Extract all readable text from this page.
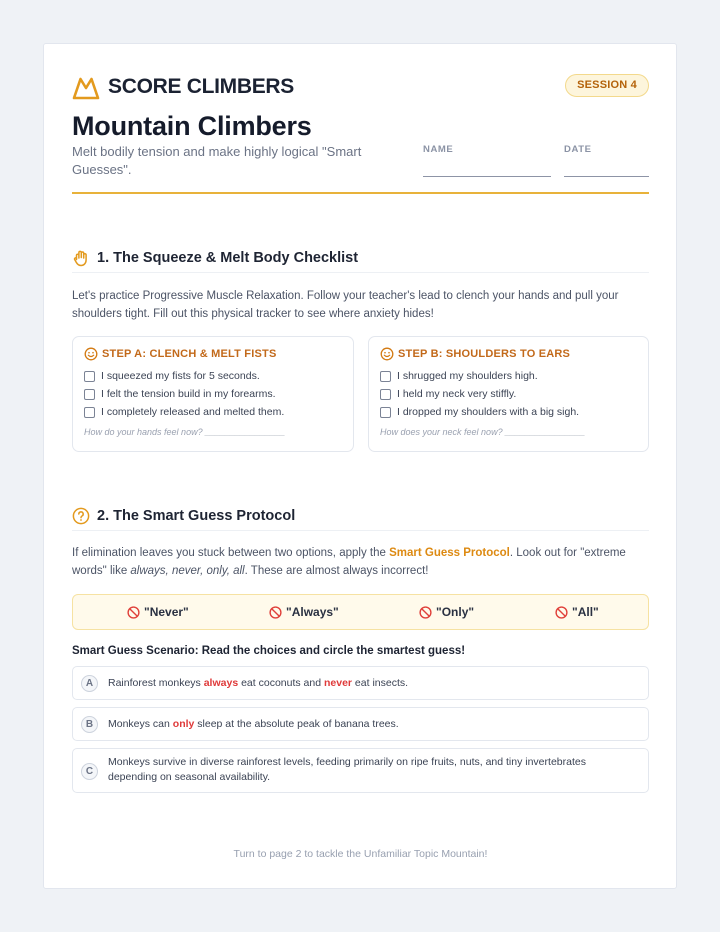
SCORE CLIMBERS	SESSION 4
Mountain Climbers
Melt bodily tension and make highly logical "Smart Guesses".
NAME	DATE
1. The Squeeze & Melt Body Checklist
Let's practice Progressive Muscle Relaxation. Follow your teacher's lead to clench your hands and pull your shoulders tight. Fill out this physical tracker to see where anxiety hides!
STEP A: CLENCH & MELT FISTS
I squeezed my fists for 5 seconds.
I felt the tension build in my forearms.
I completely released and melted them.
How do your hands feel now? ________________
STEP B: SHOULDERS TO EARS
I shrugged my shoulders high.
I held my neck very stiffly.
I dropped my shoulders with a big sigh.
How does your neck feel now? ________________
2. The Smart Guess Protocol
If elimination leaves you stuck between two options, apply the Smart Guess Protocol. Look out for "extreme words" like always, never, only, all. These are almost always incorrect!
"Never"	"Always"	"Only"	"All"
Smart Guess Scenario: Read the choices and circle the smartest guess!
A	Rainforest monkeys always eat coconuts and never eat insects.
B	Monkeys can only sleep at the absolute peak of banana trees.
C
Monkeys survive in diverse rainforest levels, feeding primarily on ripe fruits, nuts, and tiny invertebrates depending on seasonal availability.
Turn to page 2 to tackle the Unfamiliar Topic Mountain!
